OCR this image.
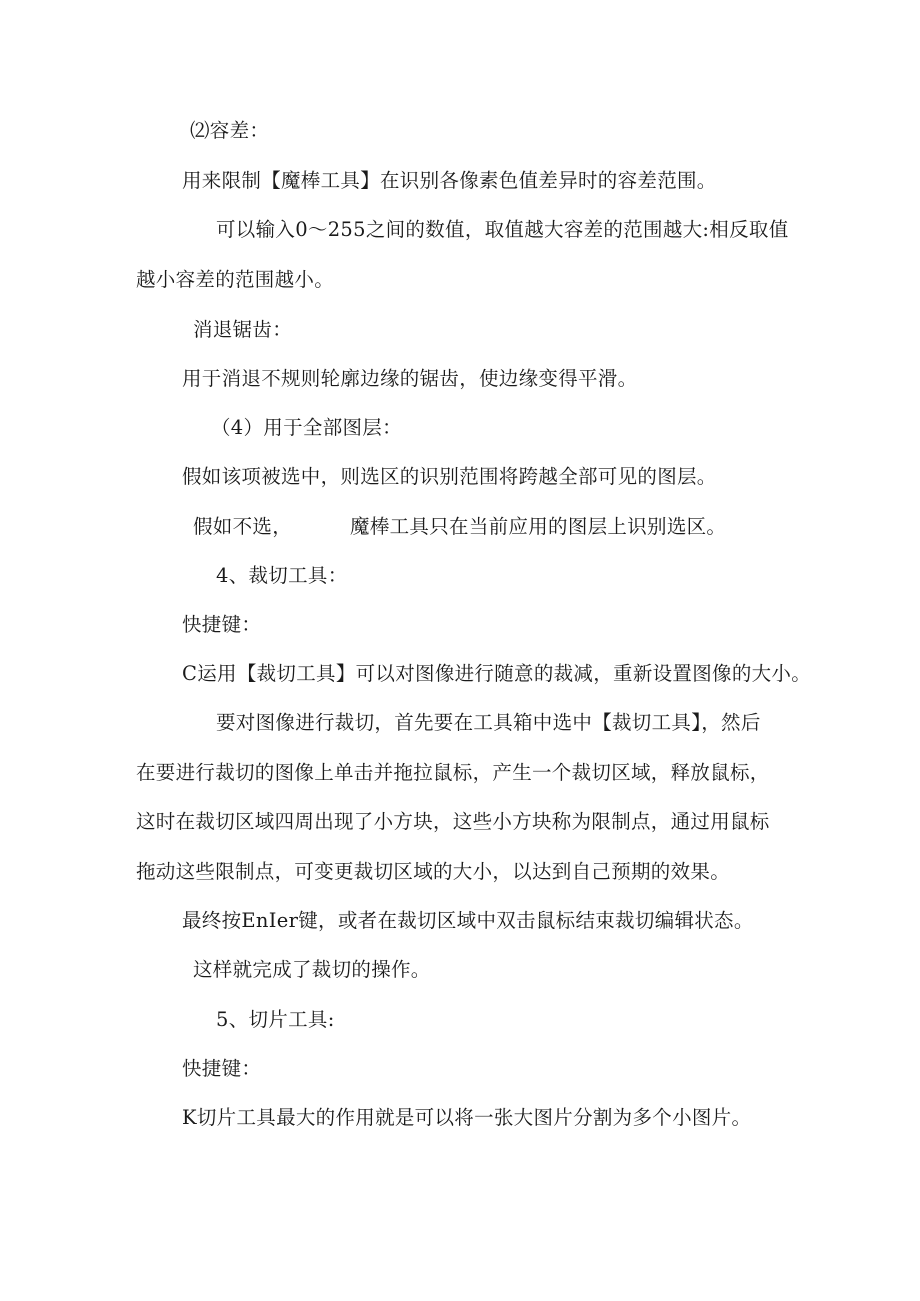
⑵容差：
用来限制【魔棒工具】在识别各像素色值差异时的容差范围。
可以输入0～255之间的数值，取值越大容差的范围越大:相反取值
越小容差的范围越小。
消退锯齿：
用于消退不规则轮廓边缘的锯齿，使边缘变得平滑。
（4）用于全部图层：
假如该项被选中，则选区的识别范围将跨越全部可见的图层。
假如不选，	魔棒工具只在当前应用的图层上识别选区。
4、裁切工具：
快捷键：
C运用【裁切工具】可以对图像进行随意的裁减，重新设置图像的大小。
要对图像进行裁切，首先要在工具箱中选中【裁切工具】，然后
在要进行裁切的图像上单击并拖拉鼠标，产生一个裁切区域，释放鼠标，
这时在裁切区域四周出现了小方块，这些小方块称为限制点，通过用鼠标
拖动这些限制点，可变更裁切区域的大小，以达到自己预期的效果。
最终按EnIer键，或者在裁切区域中双击鼠标结束裁切编辑状态。
这样就完成了裁切的操作。
5、切片工具:
快捷键：
K切片工具最大的作用就是可以将一张大图片分割为多个小图片。
